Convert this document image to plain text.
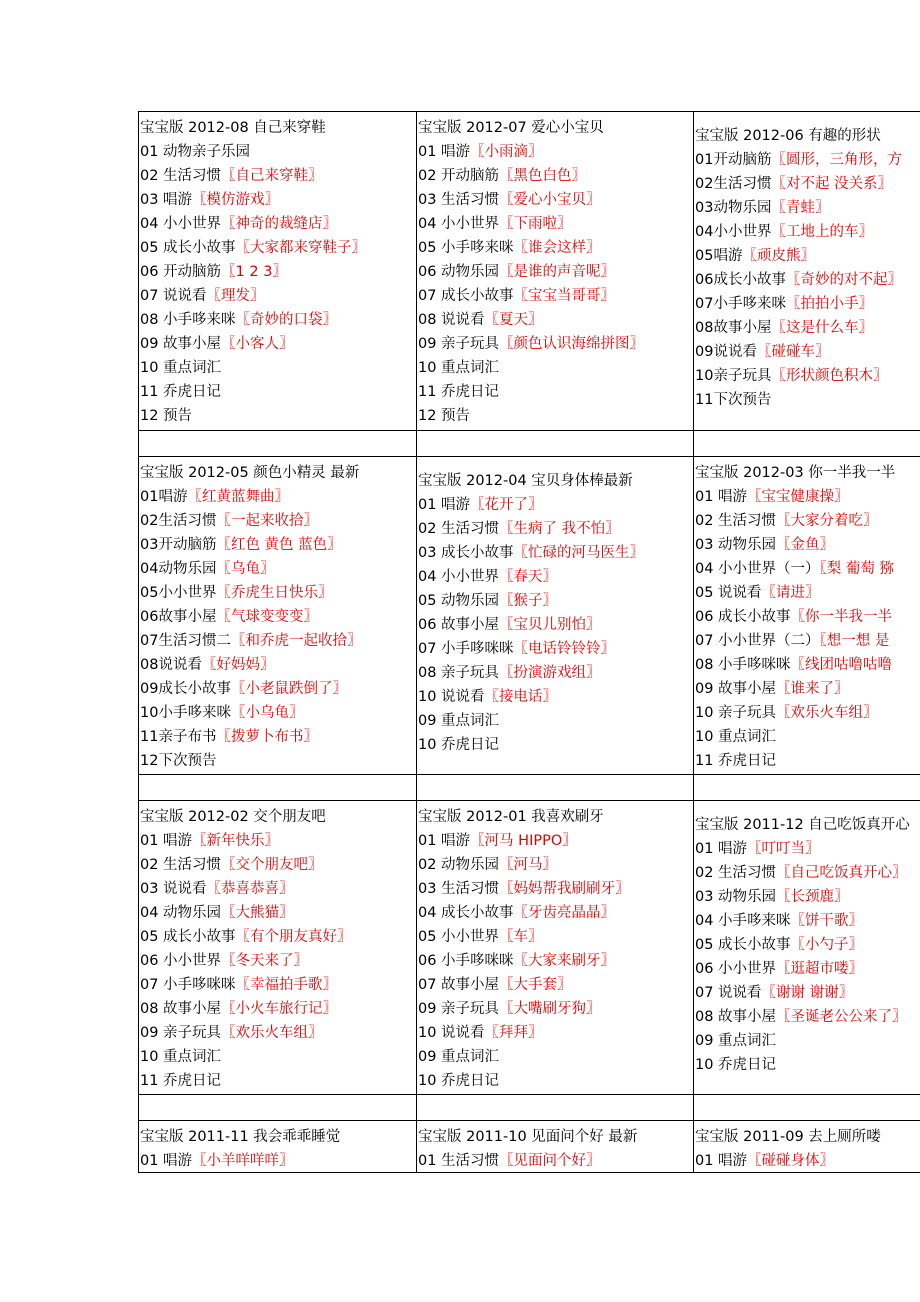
宝宝版 2012-08 自己来穿鞋
01 动物亲子乐园
02 生活习惯〖自己来穿鞋〗
03 唱游〖模仿游戏〗
04 小小世界〖神奇的裁缝店〗
05 成长小故事〖大家都来穿鞋子〗
06 开动脑筋〖1 2 3〗
07 说说看〖理发〗
08 小手哆来咪〖奇妙的口袋〗
09 故事小屋〖小客人〗
10 重点词汇
11 乔虎日记
12 预告
宝宝版 2012-07 爱心小宝贝
01 唱游〖小雨滴〗
02 开动脑筋〖黑色白色〗
03 生活习惯〖爱心小宝贝〗
04 小小世界〖下雨啦〗
05 小手哆来咪〖谁会这样〗
06 动物乐园〖是谁的声音呢〗
07 成长小故事〖宝宝当哥哥〗
08 说说看〖夏天〗
09 亲子玩具〖颜色认识海绵拼图〗
10 重点词汇
11 乔虎日记
12 预告
宝宝版 2012-06 有趣的形状
01开动脑筋〖圆形，三角形，方
02生活习惯〖对不起 没关系〗
03动物乐园〖青蛙〗
04小小世界〖工地上的车〗
05唱游〖顽皮熊〗
06成长小故事〖奇妙的对不起〗
07小手哆来咪〖拍拍小手〗
08故事小屋〖这是什么车〗
09说说看〖碰碰车〗
10亲子玩具〖形状颜色积木〗
11下次预告
宝宝版 2012-05 颜色小精灵 最新
01唱游〖红黄蓝舞曲〗
02生活习惯〖一起来收拾〗
03开动脑筋〖红色 黄色 蓝色〗
04动物乐园〖乌龟〗
05小小世界〖乔虎生日快乐〗
06故事小屋〖气球变变变〗
07生活习惯二〖和乔虎一起收拾〗
08说说看〖好妈妈〗
09成长小故事〖小老鼠跌倒了〗
10小手哆来咪〖小乌龟〗
11亲子布书〖拨萝卜布书〗
12下次预告
宝宝版 2012-04 宝贝身体棒最新
01 唱游〖花开了〗
02 生活习惯〖生病了 我不怕〗
03 成长小故事〖忙碌的河马医生〗
04 小小世界〖春天〗
05 动物乐园〖猴子〗
06 故事小屋〖宝贝儿别怕〗
07 小手哆咪咪〖电话铃铃铃〗
08 亲子玩具〖扮演游戏组〗
10 说说看〖接电话〗
09 重点词汇
10 乔虎日记
宝宝版 2012-03 你一半我一半
01 唱游〖宝宝健康操〗
02 生活习惯〖大家分着吃〗
03 动物乐园〖金鱼〗
04 小小世界（一）〖梨 葡萄 猕
05 说说看〖请进〗
06 成长小故事〖你一半我一半
07 小小世界（二）〖想一想 是
08 小手哆咪咪〖线团咕噜咕噜
09 故事小屋〖谁来了〗
10 亲子玩具〖欢乐火车组〗
10 重点词汇
11 乔虎日记
宝宝版 2012-02 交个朋友吧
01 唱游〖新年快乐〗
02 生活习惯〖交个朋友吧〗
03 说说看〖恭喜恭喜〗
04 动物乐园〖大熊猫〗
05 成长小故事〖有个朋友真好〗
06 小小世界〖冬天来了〗
07 小手哆咪咪〖幸福拍手歌〗
08 故事小屋〖小火车旅行记〗
09 亲子玩具〖欢乐火车组〗
10 重点词汇
11 乔虎日记
宝宝版 2012-01 我喜欢刷牙
01 唱游〖河马 HIPPO〗
02 动物乐园〖河马〗
03 生活习惯〖妈妈帮我刷刷牙〗
04 成长小故事〖牙齿亮晶晶〗
05 小小世界〖车〗
06 小手哆咪咪〖大家来刷牙〗
07 故事小屋〖大手套〗
09 亲子玩具〖大嘴刷牙狗〗
10 说说看〖拜拜〗
09 重点词汇
10 乔虎日记
宝宝版 2011-12 自己吃饭真开心
01 唱游〖叮叮当〗
02 生活习惯〖自己吃饭真开心〗
03 动物乐园〖长颈鹿〗
04 小手哆来咪〖饼干歌〗
05 成长小故事〖小勺子〗
06 小小世界〖逛超市喽〗
07 说说看〖谢谢 谢谢〗
08 故事小屋〖圣诞老公公来了〗
09 重点词汇
10 乔虎日记
宝宝版 2011-11 我会乖乖睡觉
01 唱游〖小羊咩咩咩〗
宝宝版 2011-10 见面问个好 最新
01 生活习惯〖见面问个好〗
宝宝版 2011-09 去上厕所喽
01 唱游〖碰碰身体〗
